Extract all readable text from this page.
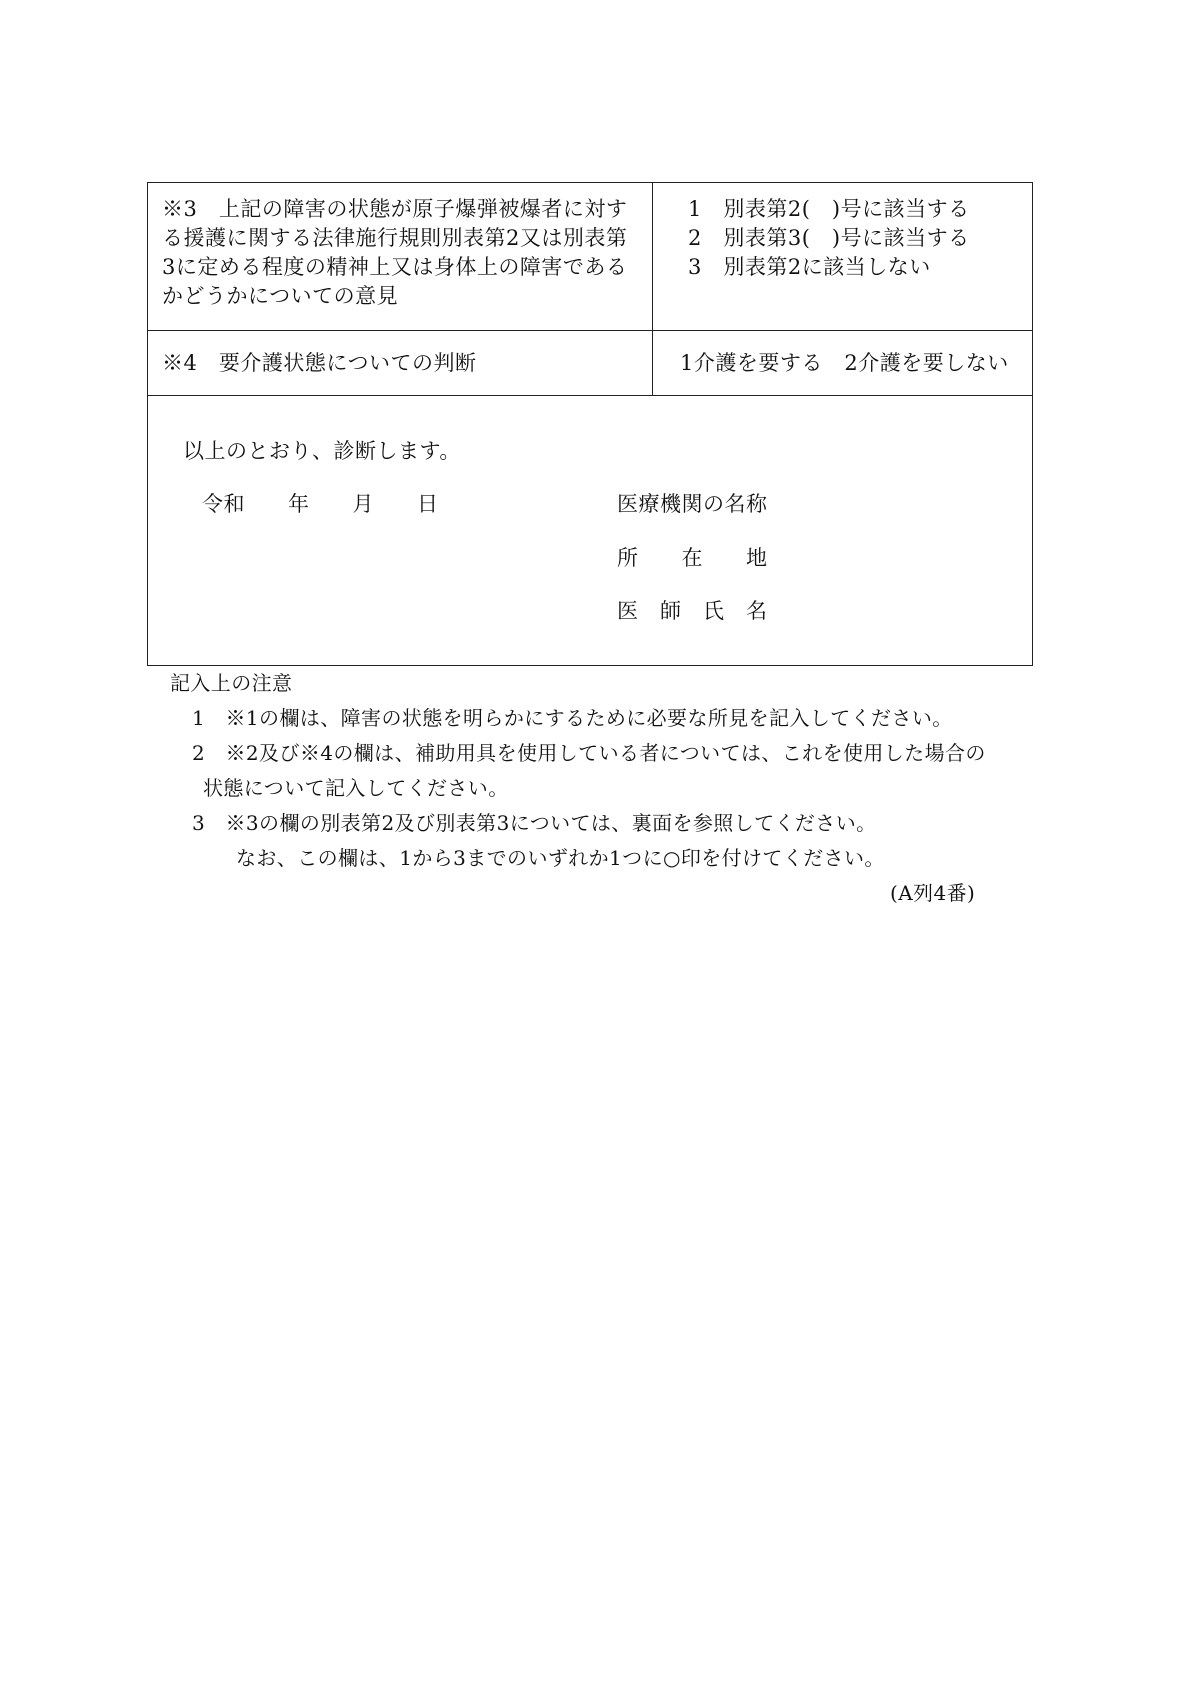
※3　上記の障害の状態が原子爆弾被爆者に対す
る援護に関する法律施行規則別表第2又は別表第
3に定める程度の精神上又は身体上の障害である
かどうかについての意見
1　別表第2(　)号に該当する
2　別表第3(　)号に該当する
3　別表第2に該当しない
※4　要介護状態についての判断	1介護を要する　2介護を要しない
以上のとおり、診断します。
令和　　年　　月　　日	医療機関の名称
所　　在　　地
医　師　氏　名
記入上の注意
1　※1の欄は、障害の状態を明らかにするために必要な所見を記入してください。
2　※2及び※4の欄は、補助用具を使用している者については、これを使用した場合の
状態について記入してください。
3　※3の欄の別表第2及び別表第3については、裏面を参照してください。
なお、この欄は、1から3までのいずれか1つに○印を付けてください。
(A列4番)
